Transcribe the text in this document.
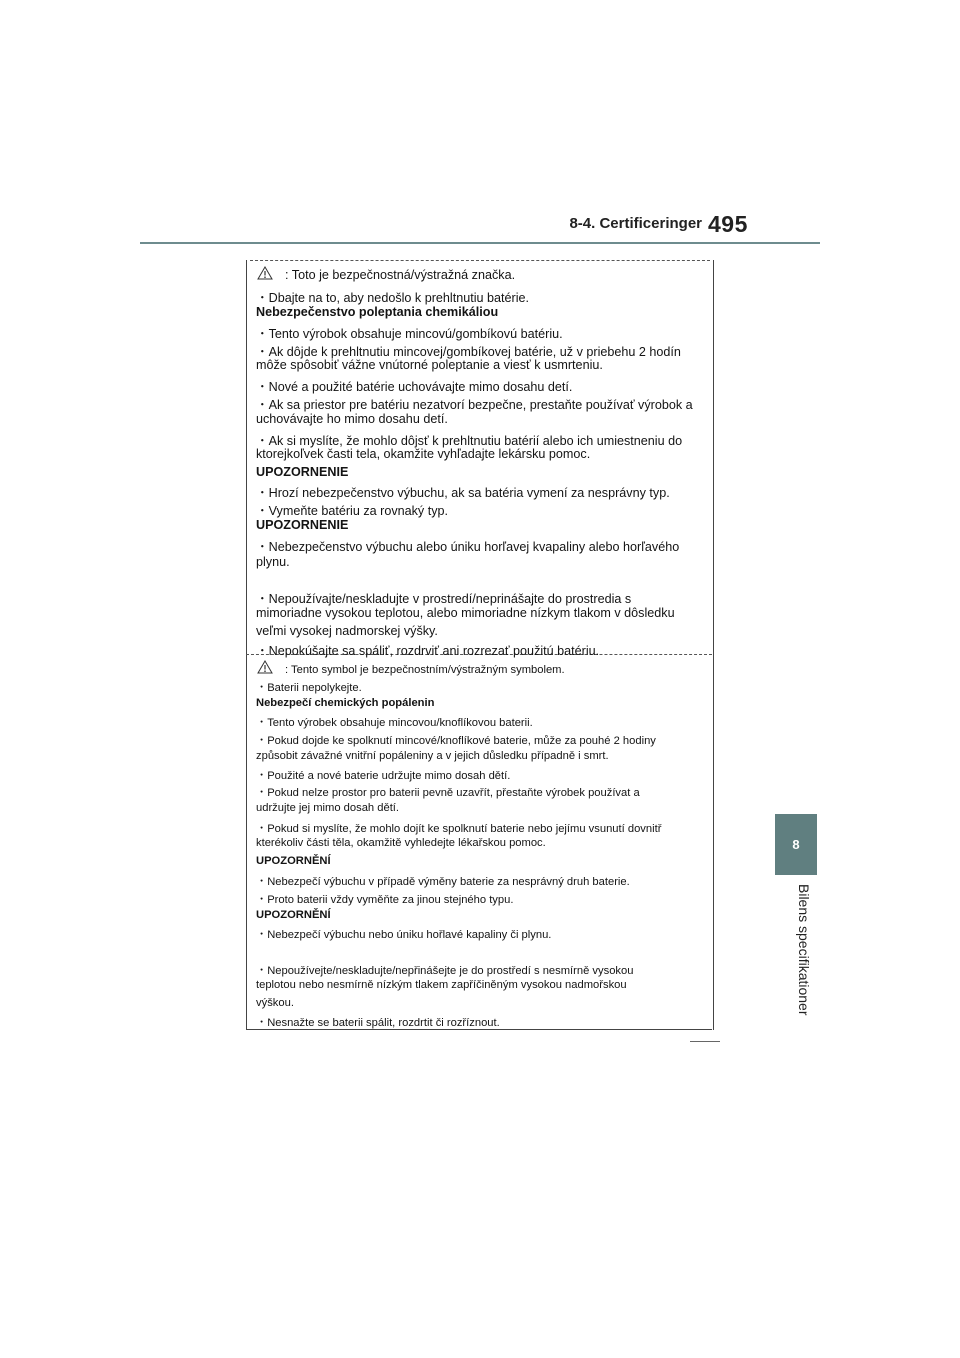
8-4. Certificeringer 495
8
Bilens specifikationer
: Toto je bezpečnostná/výstražná značka.
・Dbajte na to, aby nedošlo k prehltnutiu batérie.
Nebezpečenstvo poleptania chemikáliou
・Tento výrobok obsahuje mincovú/gombíkovú batériu.
・Ak dôjde k prehltnutiu mincovej/gombíkovej batérie, už v priebehu 2 hodín
môže spôsobiť vážne vnútorné poleptanie a viesť k usmrteniu.
・Nové a použité batérie uchovávajte mimo dosahu detí.
・Ak sa priestor pre batériu nezatvorí bezpečne, prestaňte používať výrobok a
uchovávajte ho mimo dosahu detí.
・Ak si myslíte, že mohlo dôjsť k prehltnutiu batérií alebo ich umiestneniu do
ktorejkoľvek časti tela, okamžite vyhľadajte lekársku pomoc.
UPOZORNENIE
・Hrozí nebezpečenstvo výbuchu, ak sa batéria vymení za nesprávny typ.
・Vymeňte batériu za rovnaký typ.
UPOZORNENIE
・Nebezpečenstvo výbuchu alebo úniku horľavej kvapaliny alebo horľavého
plynu.
・Nepoužívajte/neskladujte v prostredí/neprinášajte do prostredia s
mimoriadne vysokou teplotou, alebo mimoriadne nízkym tlakom v dôsledku
veľmi vysokej nadmorskej výšky.
・Nepokúšajte sa spáliť, rozdrviť ani rozrezať použitú batériu.
: Tento symbol je bezpečnostním/výstražným symbolem.
・Baterii nepolykejte.
Nebezpečí chemických popálenin
・Tento výrobek obsahuje mincovou/knoflíkovou baterii.
・Pokud dojde ke spolknutí mincové/knoflíkové baterie, může za pouhé 2 hodiny
způsobit závažné vnitřní popáleniny a v jejich důsledku případně i smrt.
・Použité a nové baterie udržujte mimo dosah dětí.
・Pokud nelze prostor pro baterii pevně uzavřít, přestaňte výrobek používat a
udržujte jej mimo dosah dětí.
・Pokud si myslíte, že mohlo dojít ke spolknutí baterie nebo jejímu vsunutí dovnitř
kterékoliv části těla, okamžitě vyhledejte lékařskou pomoc.
UPOZORNĚNÍ
・Nebezpečí výbuchu v případě výměny baterie za nesprávný druh baterie.
・Proto baterii vždy vyměňte za jinou stejného typu.
UPOZORNĚNÍ
・Nebezpečí výbuchu nebo úniku hořlavé kapaliny či plynu.
・Nepoužívejte/neskladujte/nepřinášejte je do prostředí s nesmírně vysokou
teplotou nebo nesmírně nízkým tlakem zapříčiněným vysokou nadmořskou
výškou.
・Nesnažte se baterii spálit, rozdrtit či rozříznout.
